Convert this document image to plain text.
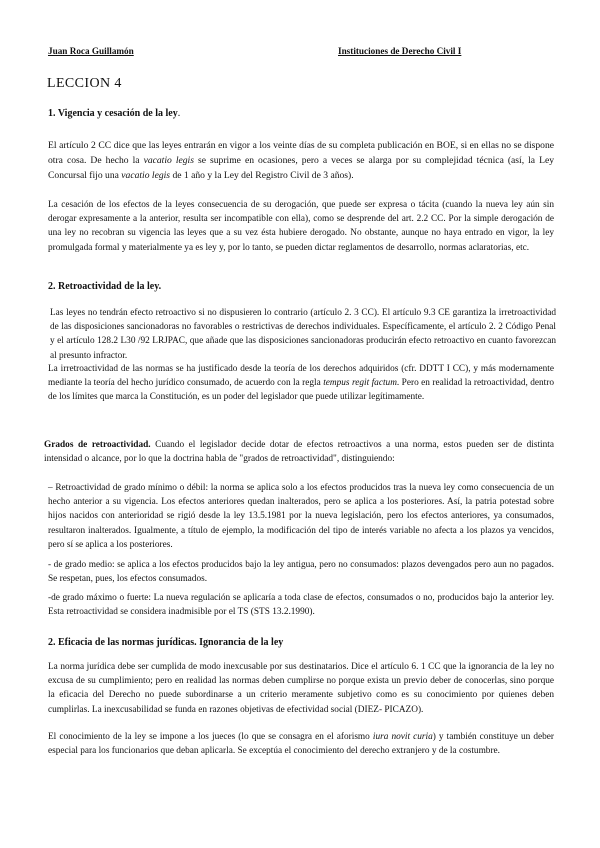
Juan Roca Guillamón	Instituciones de Derecho Civil I
LECCION 4
1. Vigencia y cesación de la ley.

El artículo 2 CC dice que las leyes entrarán en vigor a los veinte días de su completa publicación en BOE, si en ellas no se dispone otra cosa. De hecho la vacatio legis se suprime en ocasiones, pero a veces se alarga por su complejidad técnica (así, la Ley Concursal fijo una vacatio legis de 1 año y la Ley del Registro Civil de 3 años).

La cesación de los efectos de la leyes consecuencia de su derogación, que puede ser expresa o tácita (cuando la nueva ley aún sin derogar expresamente a la anterior, resulta ser incompatible con ella), como se desprende del art. 2.2 CC. Por la simple derogación de una ley no recobran su vigencia las leyes que a su vez ésta hubiere derogado. No obstante, aunque no haya entrado en vigor, la ley promulgada formal y materialmente ya es ley y, por lo tanto, se pueden dictar reglamentos de desarrollo, normas aclaratorias, etc.

2. Retroactividad de la ley.

Las leyes no tendrán efecto retroactivo si no dispusieren lo contrario (artículo 2. 3 CC). El artículo 9.3 CE garantiza la irretroactividad de las disposiciones sancionadoras no favorables o restrictivas de derechos individuales. Específicamente, el artículo 2. 2 Código Penal y el artículo 128.2 L30 /92 LRJPAC, que añade que las disposiciones sancionadoras producirán efecto retroactivo en cuanto favorezcan al presunto infractor.

La irretroactividad de las normas se ha justificado desde la teoría de los derechos adquiridos (cfr. DDTT I CC), y más modernamente mediante la teoría del hecho jurídico consumado, de acuerdo con la regla tempus regit factum. Pero en realidad la retroactividad, dentro de los límites que marca la Constitución, es un poder del legislador que puede utilizar legítimamente.

Grados de retroactividad. Cuando el legislador decide dotar de efectos retroactivos a una norma, estos pueden ser de distinta intensidad o alcance, por lo que la doctrina habla de "grados de retroactividad", distinguiendo:

– Retroactividad de grado mínimo o débil: la norma se aplica solo a los efectos producidos tras la nueva ley como consecuencia de un hecho anterior a su vigencia. Los efectos anteriores quedan inalterados, pero se aplica a los posteriores. Así, la patria potestad sobre hijos nacidos con anterioridad se rigió desde la ley 13.5.1981 por la nueva legislación, pero los efectos anteriores, ya consumados, resultaron inalterados. Igualmente, a título de ejemplo, la modificación del tipo de interés variable no afecta a los plazos ya vencidos, pero sí se aplica a los posteriores.

- de grado medio: se aplica a los efectos producidos bajo la ley antigua, pero no consumados: plazos devengados pero aun no pagados. Se respetan, pues, los efectos consumados.

-de grado máximo o fuerte: La nueva regulación se aplicaría a toda clase de efectos, consumados o no, producidos bajo la anterior ley. Esta retroactividad se considera inadmisible por el TS (STS 13.2.1990).

2. Eficacia de las normas jurídicas. Ignorancia de la ley

La norma jurídica debe ser cumplida de modo inexcusable por sus destinatarios. Dice el artículo 6. 1 CC que la ignorancia de la ley no excusa de su cumplimiento; pero en realidad las normas deben cumplirse no porque exista un previo deber de conocerlas, sino porque la eficacia del Derecho no puede subordinarse a un criterio meramente subjetivo como es su conocimiento por quienes deben cumplirlas. La inexcusabilidad se funda en razones objetivas de efectividad social (DIEZ- PICAZO).

El conocimiento de la ley se impone a los jueces (lo que se consagra en el aforismo iura novit curia) y también constituye un deber especial para los funcionarios que deban aplicarla. Se exceptúa el conocimiento del derecho extranjero y de la costumbre.
